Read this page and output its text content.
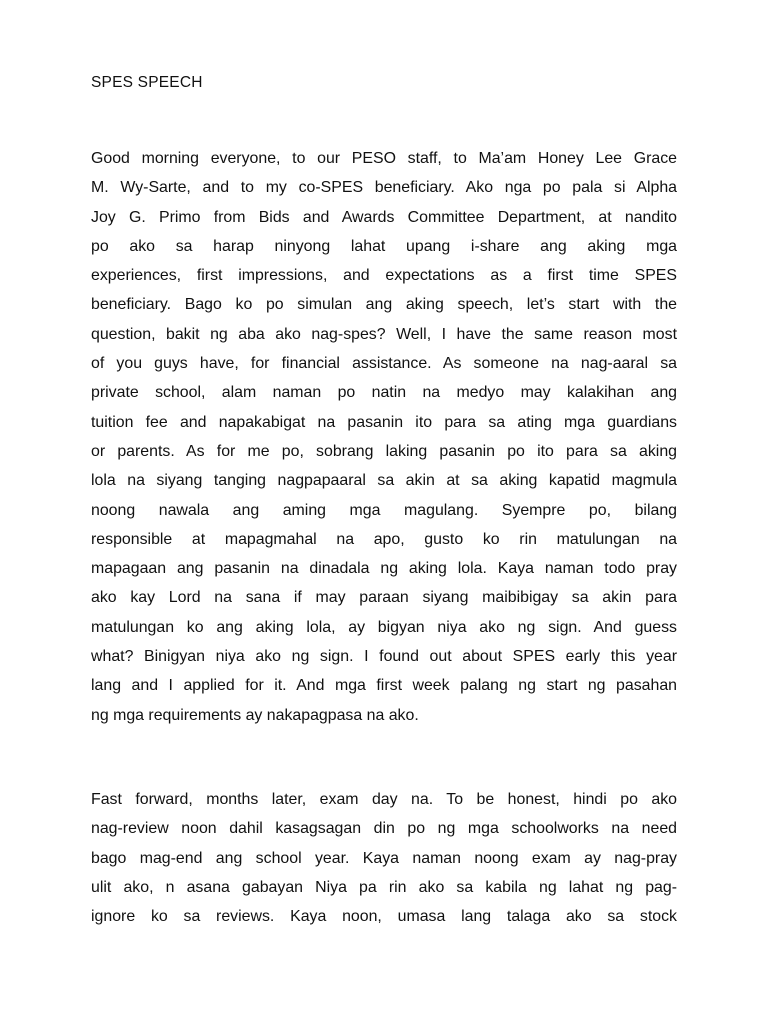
SPES SPEECH
Good morning everyone, to our PESO staff, to Ma’am Honey Lee Grace
M. Wy-Sarte, and to my co-SPES beneficiary. Ako nga po pala si Alpha
Joy G. Primo from Bids and Awards Committee Department, at nandito
po ako sa harap ninyong lahat upang i-share ang aking mga
experiences, first impressions, and expectations as a first time SPES
beneficiary. Bago ko po simulan ang aking speech, let’s start with the
question, bakit ng aba ako nag-spes? Well, I have the same reason most
of you guys have, for financial assistance. As someone na nag-aaral sa
private school, alam naman po natin na medyo may kalakihan ang
tuition fee and napakabigat na pasanin ito para sa ating mga guardians
or parents. As for me po, sobrang laking pasanin po ito para sa aking
lola na siyang tanging nagpapaaral sa akin at sa aking kapatid magmula
noong nawala ang aming mga magulang. Syempre po, bilang
responsible at mapagmahal na apo, gusto ko rin matulungan na
mapagaan ang pasanin na dinadala ng aking lola. Kaya naman todo pray
ako kay Lord na sana if may paraan siyang maibibigay sa akin para
matulungan ko ang aking lola, ay bigyan niya ako ng sign. And guess
what? Binigyan niya ako ng sign. I found out about SPES early this year
lang and I applied for it. And mga first week palang ng start ng pasahan
ng mga requirements ay nakapagpasa na ako.
Fast forward, months later, exam day na. To be honest, hindi po ako
nag-review noon dahil kasagsagan din po ng mga schoolworks na need
bago mag-end ang school year. Kaya naman noong exam ay nag-pray
ulit ako, n asana gabayan Niya pa rin ako sa kabila ng lahat ng pag-
ignore ko sa reviews. Kaya noon, umasa lang talaga ako sa stock
